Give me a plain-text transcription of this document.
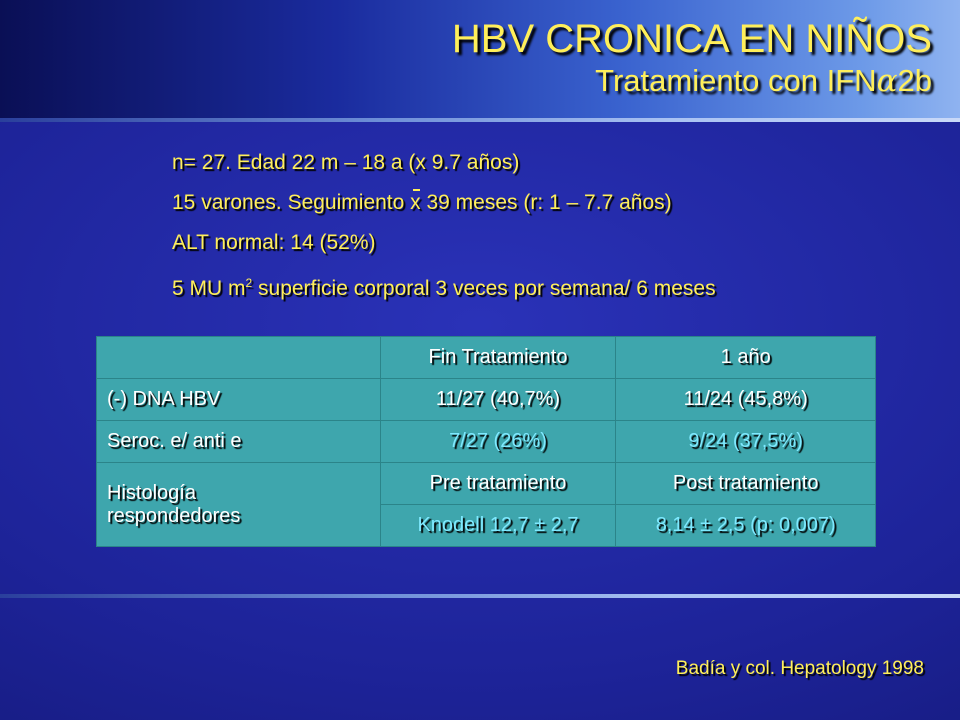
HBV CRONICA EN NIÑOS
Tratamiento con IFNα2b
n= 27. Edad 22 m – 18 a (x 9.7 años)
15 varones. Seguimiento x 39 meses (r: 1 – 7.7 años)
ALT normal: 14 (52%)
5 MU $m^2$ superficie corporal 3 veces por semana/ 6 meses
	Fin Tratamiento	1 año
(-) DNA HBV	11/27 (40,7%)	11/24 (45,8%)
Seroc. e/ anti e	7/27 (26%)	9/24 (37,5%)

Histología
respondedores	Pre tratamiento	Post tratamiento
	Knodell 12,7 ± 2,7	8,14 ± 2,5 (p: 0,007)
Badía y col. Hepatology 1998
